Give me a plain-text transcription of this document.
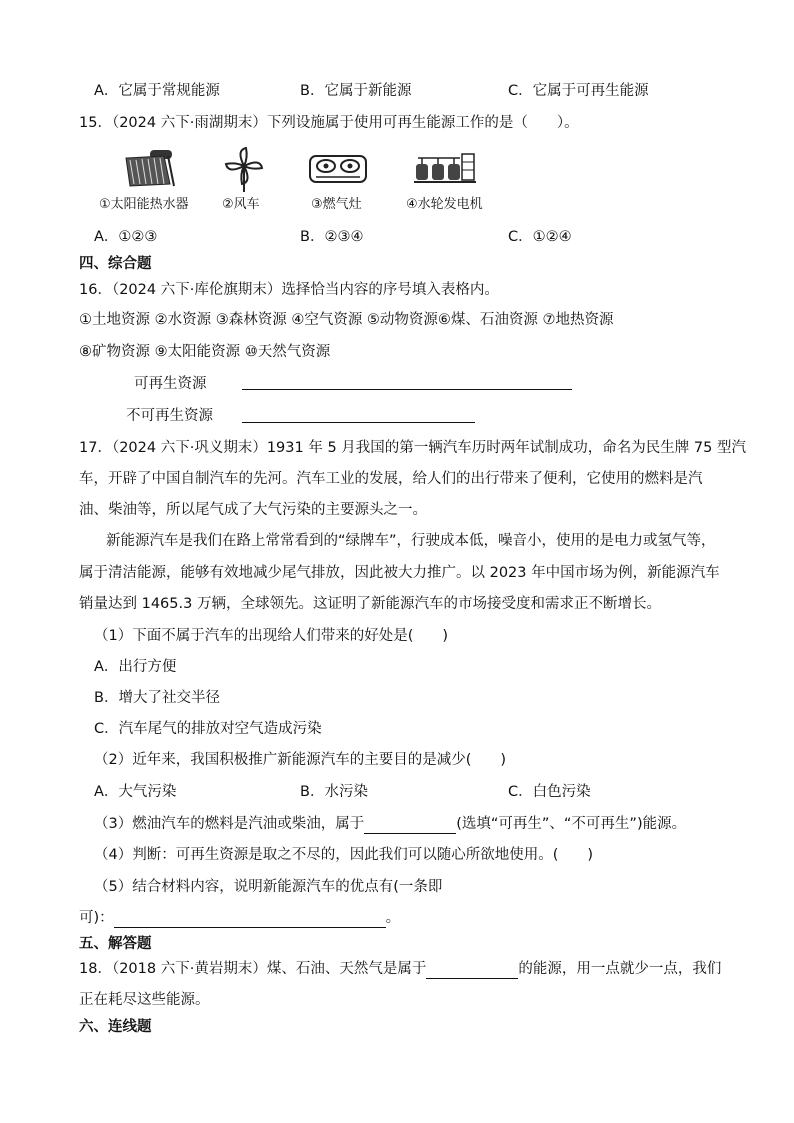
A．它属于常规能源	B．它属于新能源	C．它属于可再生能源
15．（2024 六下·雨湖期末）下列设施属于使用可再生能源工作的是（　　）。
①太阳能热水器	②风车	③燃气灶	④水轮发电机
A．①②③	B．②③④	C．①②④
四、综合题
16．（2024 六下·库伦旗期末）选择恰当内容的序号填入表格内。
①土地资源 ②水资源 ③森林资源 ④空气资源 ⑤动物资源⑥煤、石油资源 ⑦地热资源
⑧矿物资源 ⑨太阳能资源 ⑩天然气资源
可再生资源
不可再生资源
17．（2024 六下·巩义期末）1931 年 5 月我国的第一辆汽车历时两年试制成功，命名为民生牌 75 型汽
车，开辟了中国自制汽车的先河。汽车工业的发展，给人们的出行带来了便利，它使用的燃料是汽
油、柴油等，所以尾气成了大气污染的主要源头之一。
新能源汽车是我们在路上常常看到的“绿牌车”，行驶成本低，噪音小，使用的是电力或氢气等，
属于清洁能源，能够有效地减少尾气排放，因此被大力推广。以 2023 年中国市场为例，新能源汽车
销量达到 1465.3 万辆，全球领先。这证明了新能源汽车的市场接受度和需求正不断增长。
（1）下面不属于汽车的出现给人们带来的好处是(　　)
A．出行方便
B．增大了社交半径
C．汽车尾气的排放对空气造成污染
（2）近年来，我国积极推广新能源汽车的主要目的是减少(　　)
A．大气污染	B．水污染	C．白色污染
（3）燃油汽车的燃料是汽油或柴油，属于	(选填“可再生”、“不可再生”)能源。
（4）判断：可再生资源是取之不尽的，因此我们可以随心所欲地使用。(　　)
（5）结合材料内容，说明新能源汽车的优点有(一条即
可)：	。
五、解答题
18．（2018 六下·黄岩期末）煤、石油、天然气是属于	的能源，用一点就少一点，我们
正在耗尽这些能源。
六、连线题
